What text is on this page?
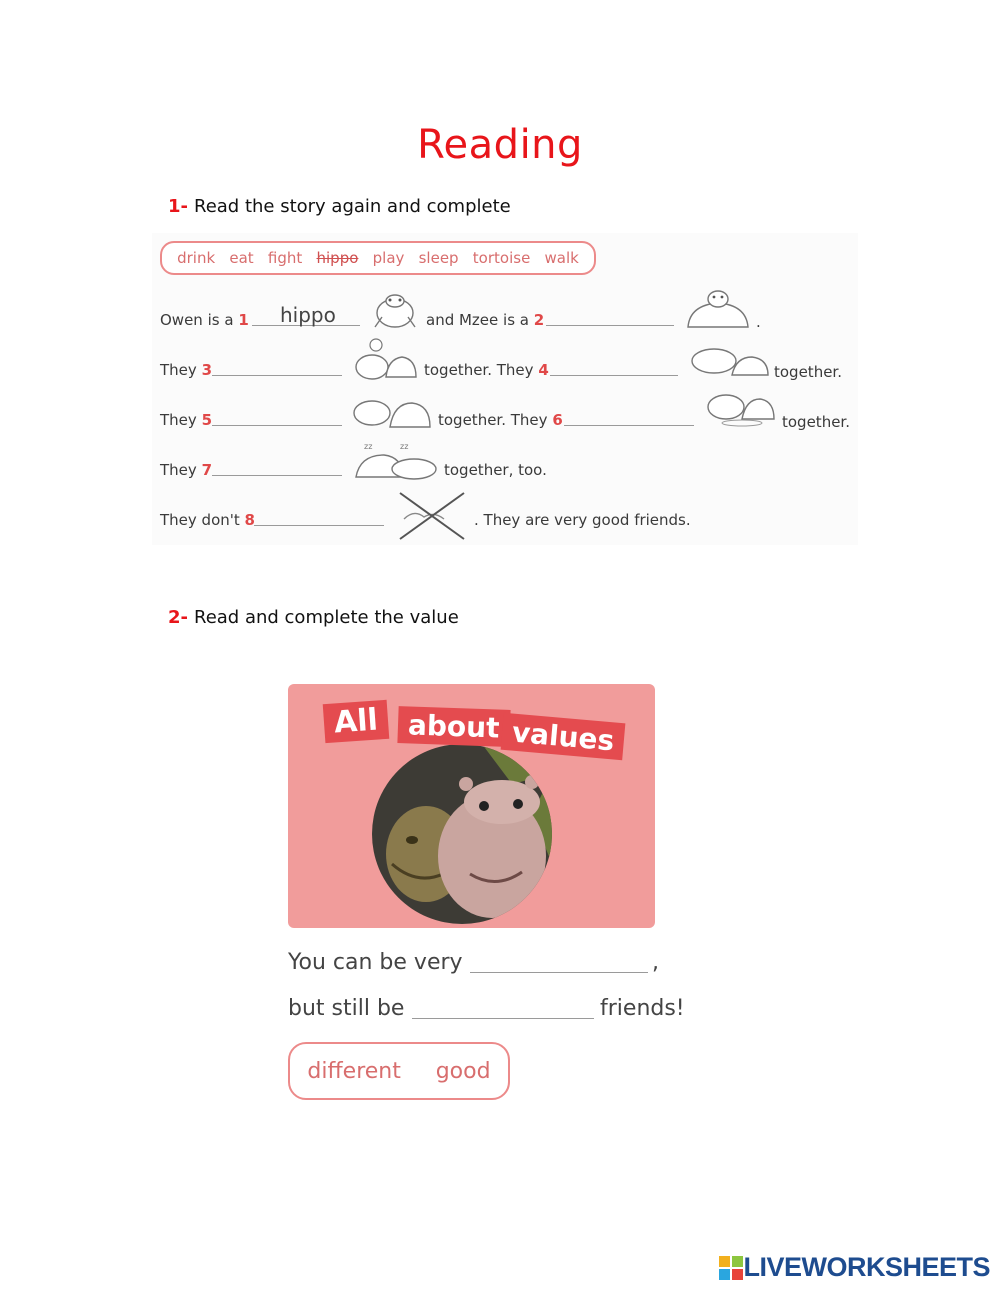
Reading
1- Read the story again and complete
drink eat fight hippo play sleep tortoise walk
Owen is a 1 hippo	and Mzee is a 2	.
They 3	together. They 4	together.
They 5	together. They 6	together.
They 7
zz	zz
together, too.
They don't 8	. They are very good friends.
2- Read and complete the value
All	about values
You can be very	,
but still be	friends!
different good
LIVEWORKSHEETS
